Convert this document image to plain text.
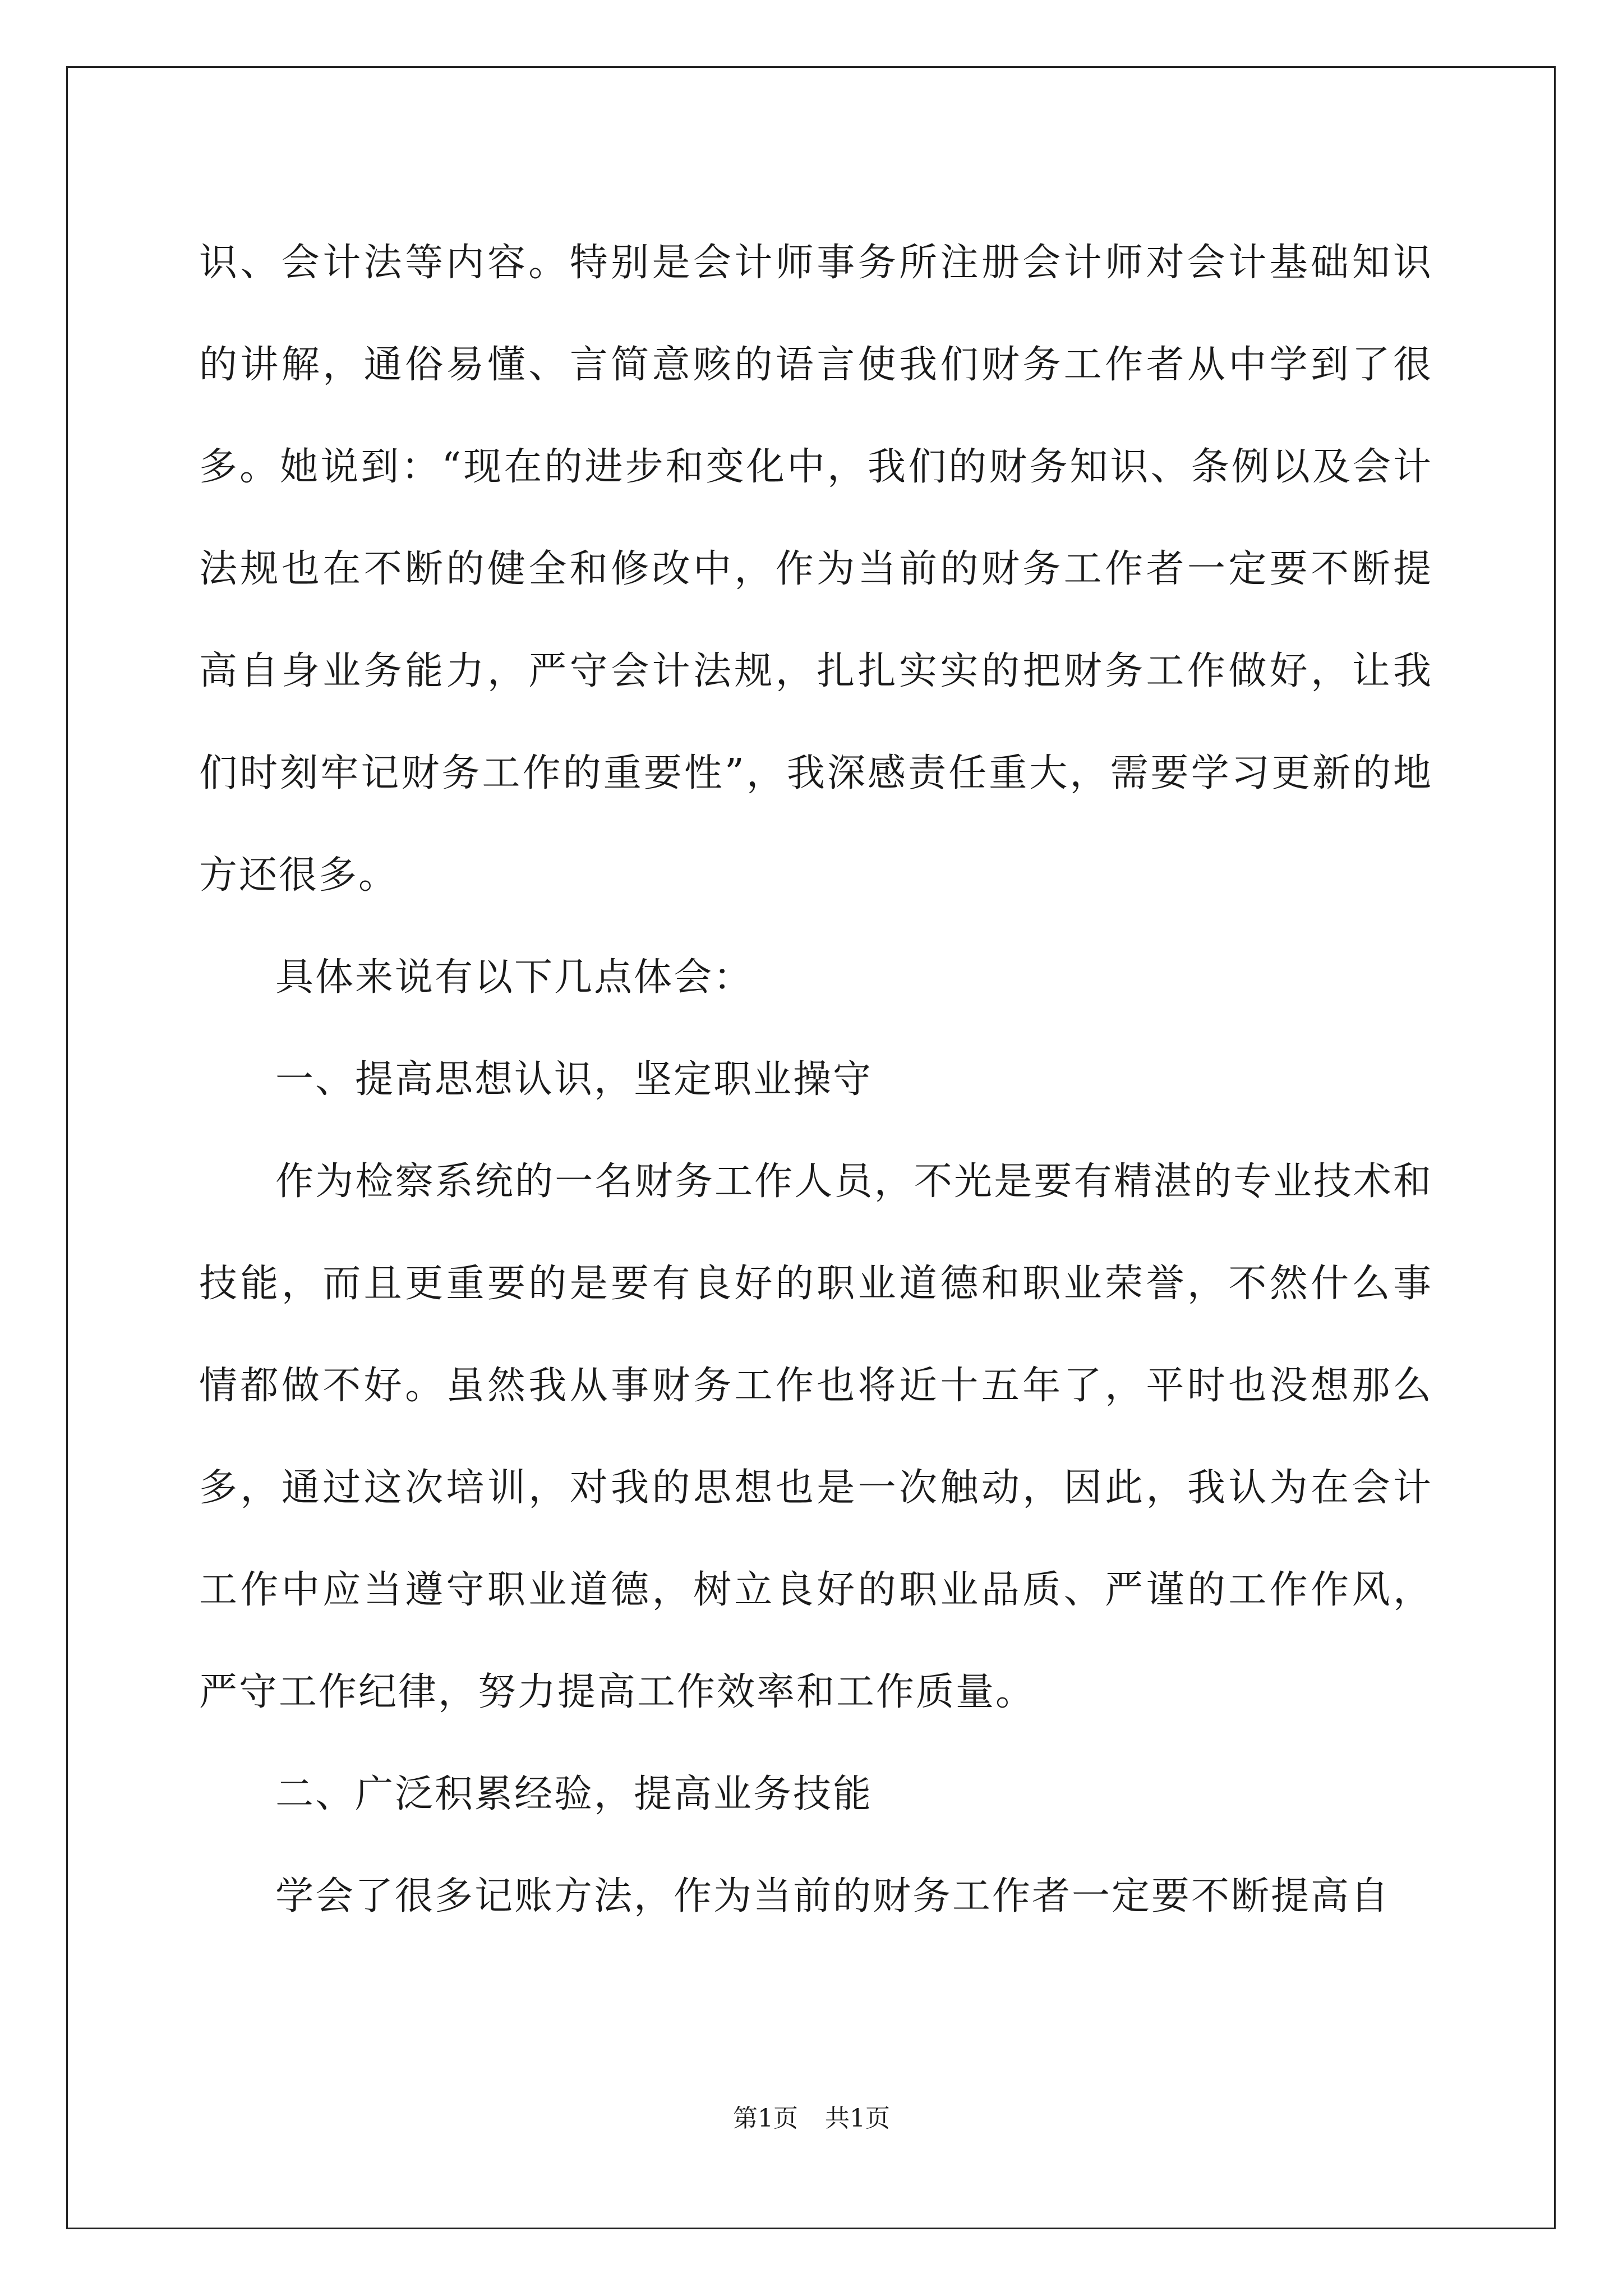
识、会计法等内容。特别是会计师事务所注册会计师对会计基础知识的讲解，通俗易懂、言简意赅的语言使我们财务工作者从中学到了很多。她说到：“现在的进步和变化中，我们的财务知识、条例以及会计法规也在不断的健全和修改中，作为当前的财务工作者一定要不断提高自身业务能力，严守会计法规，扎扎实实的把财务工作做好，让我们时刻牢记财务工作的重要性”，我深感责任重大，需要学习更新的地方还很多。

具体来说有以下几点体会：

一、提高思想认识，坚定职业操守

作为检察系统的一名财务工作人员，不光是要有精湛的专业技术和技能，而且更重要的是要有良好的职业道德和职业荣誉，不然什么事情都做不好。虽然我从事财务工作也将近十五年了，平时也没想那么多，通过这次培训，对我的思想也是一次触动，因此，我认为在会计工作中应当遵守职业道德，树立良好的职业品质、严谨的工作作风，严守工作纪律，努力提高工作效率和工作质量。

二、广泛积累经验，提高业务技能

学会了很多记账方法，作为当前的财务工作者一定要不断提高自

第1页 共1页
